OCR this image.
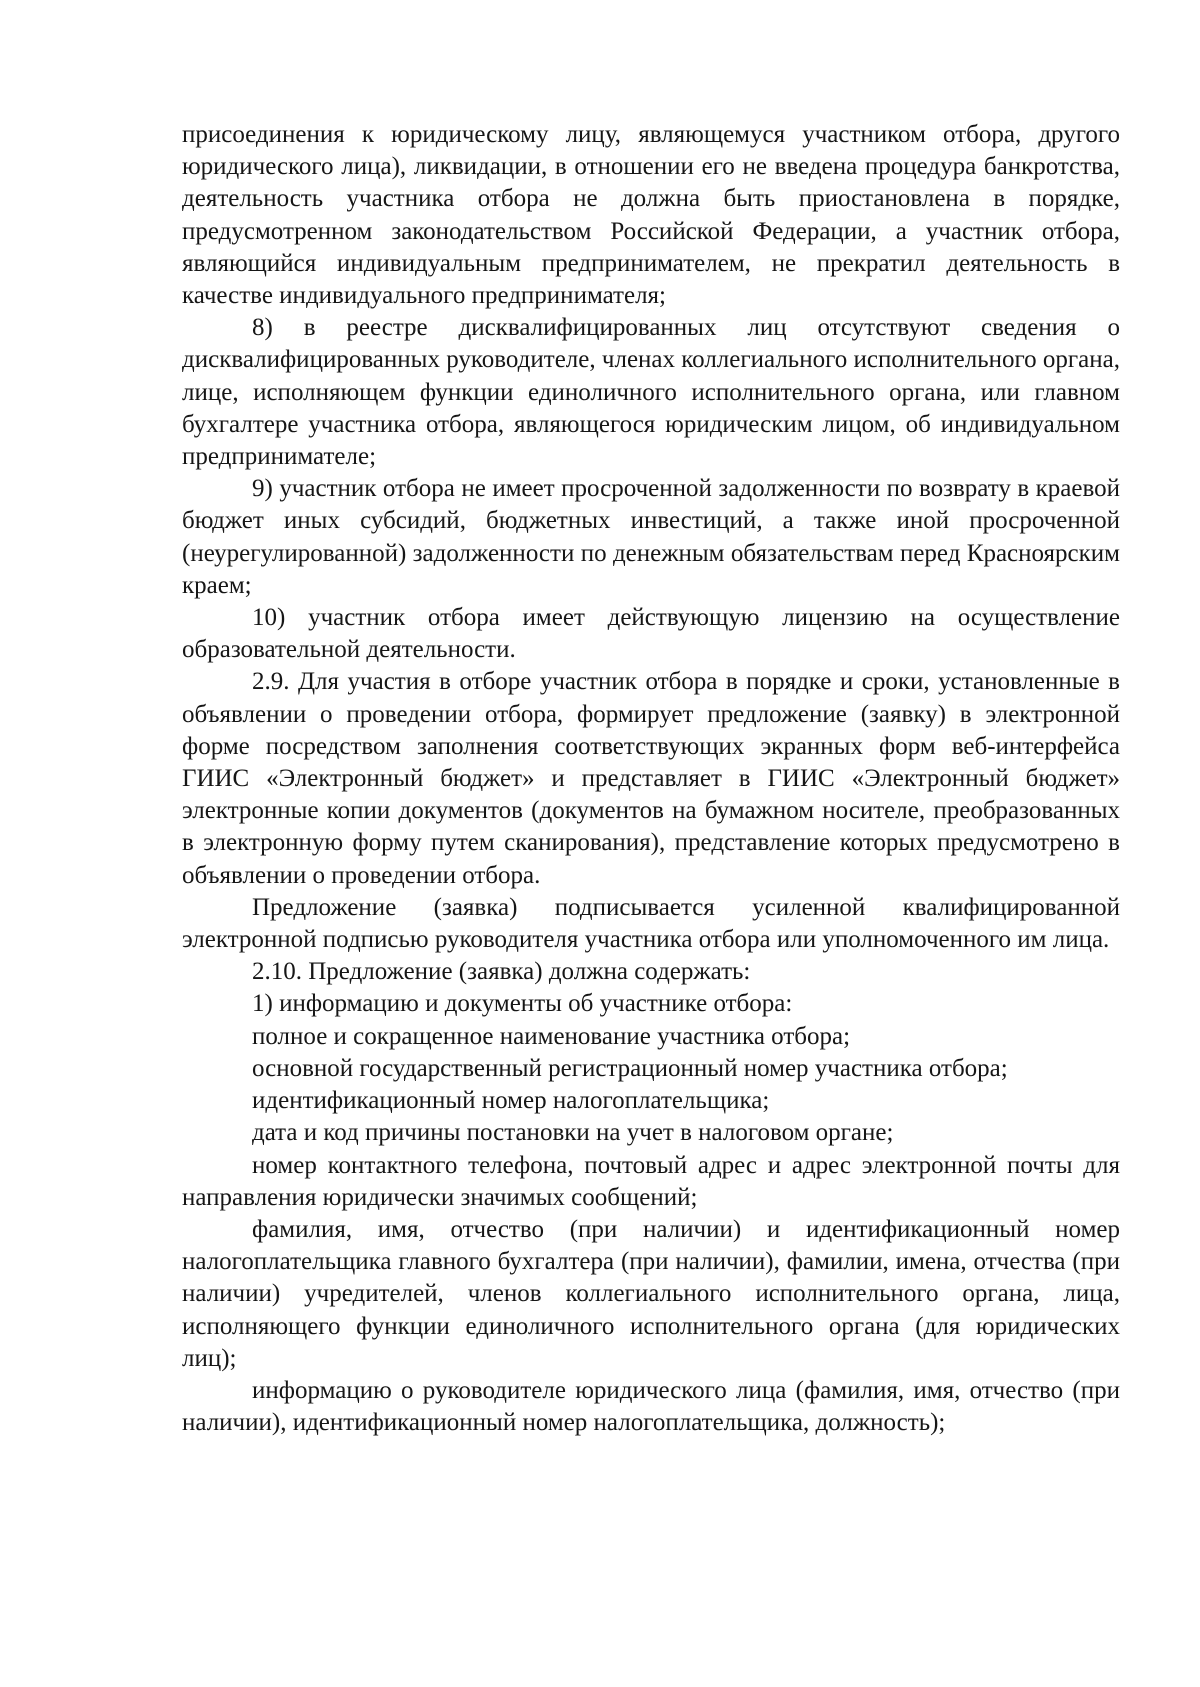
присоединения к юридическому лицу, являющемуся участником отбора, другого юридического лица), ликвидации, в отношении его не введена процедура банкротства, деятельность участника отбора не должна быть приостановлена в порядке, предусмотренном законодательством Российской Федерации, а участник отбора, являющийся индивидуальным предпринимателем, не прекратил деятельность в качестве индивидуального предпринимателя;

8) в реестре дисквалифицированных лиц отсутствуют сведения о дисквалифицированных руководителе, членах коллегиального исполнительного органа, лице, исполняющем функции единоличного исполнительного органа, или главном бухгалтере участника отбора, являющегося юридическим лицом, об индивидуальном предпринимателе;

9) участник отбора не имеет просроченной задолженности по возврату в краевой бюджет иных субсидий, бюджетных инвестиций, а также иной просроченной (неурегулированной) задолженности по денежным обязательствам перед Красноярским краем;

10) участник отбора имеет действующую лицензию на осуществление образовательной деятельности.

2.9. Для участия в отборе участник отбора в порядке и сроки, установленные в объявлении о проведении отбора, формирует предложение (заявку) в электронной форме посредством заполнения соответствующих экранных форм веб-интерфейса ГИИС «Электронный бюджет» и представляет в ГИИС «Электронный бюджет» электронные копии документов (документов на бумажном носителе, преобразованных в электронную форму путем сканирования), представление которых предусмотрено в объявлении о проведении отбора.

Предложение (заявка) подписывается усиленной квалифицированной электронной подписью руководителя участника отбора или уполномоченного им лица.

2.10. Предложение (заявка) должна содержать:

1) информацию и документы об участнике отбора:

полное и сокращенное наименование участника отбора;

основной государственный регистрационный номер участника отбора;

идентификационный номер налогоплательщика;

дата и код причины постановки на учет в налоговом органе;

номер контактного телефона, почтовый адрес и адрес электронной почты для направления юридически значимых сообщений;

фамилия, имя, отчество (при наличии) и идентификационный номер налогоплательщика главного бухгалтера (при наличии), фамилии, имена, отчества (при наличии) учредителей, членов коллегиального исполнительного органа, лица, исполняющего функции единоличного исполнительного органа (для юридических лиц);

информацию о руководителе юридического лица (фамилия, имя, отчество (при наличии), идентификационный номер налогоплательщика, должность);
